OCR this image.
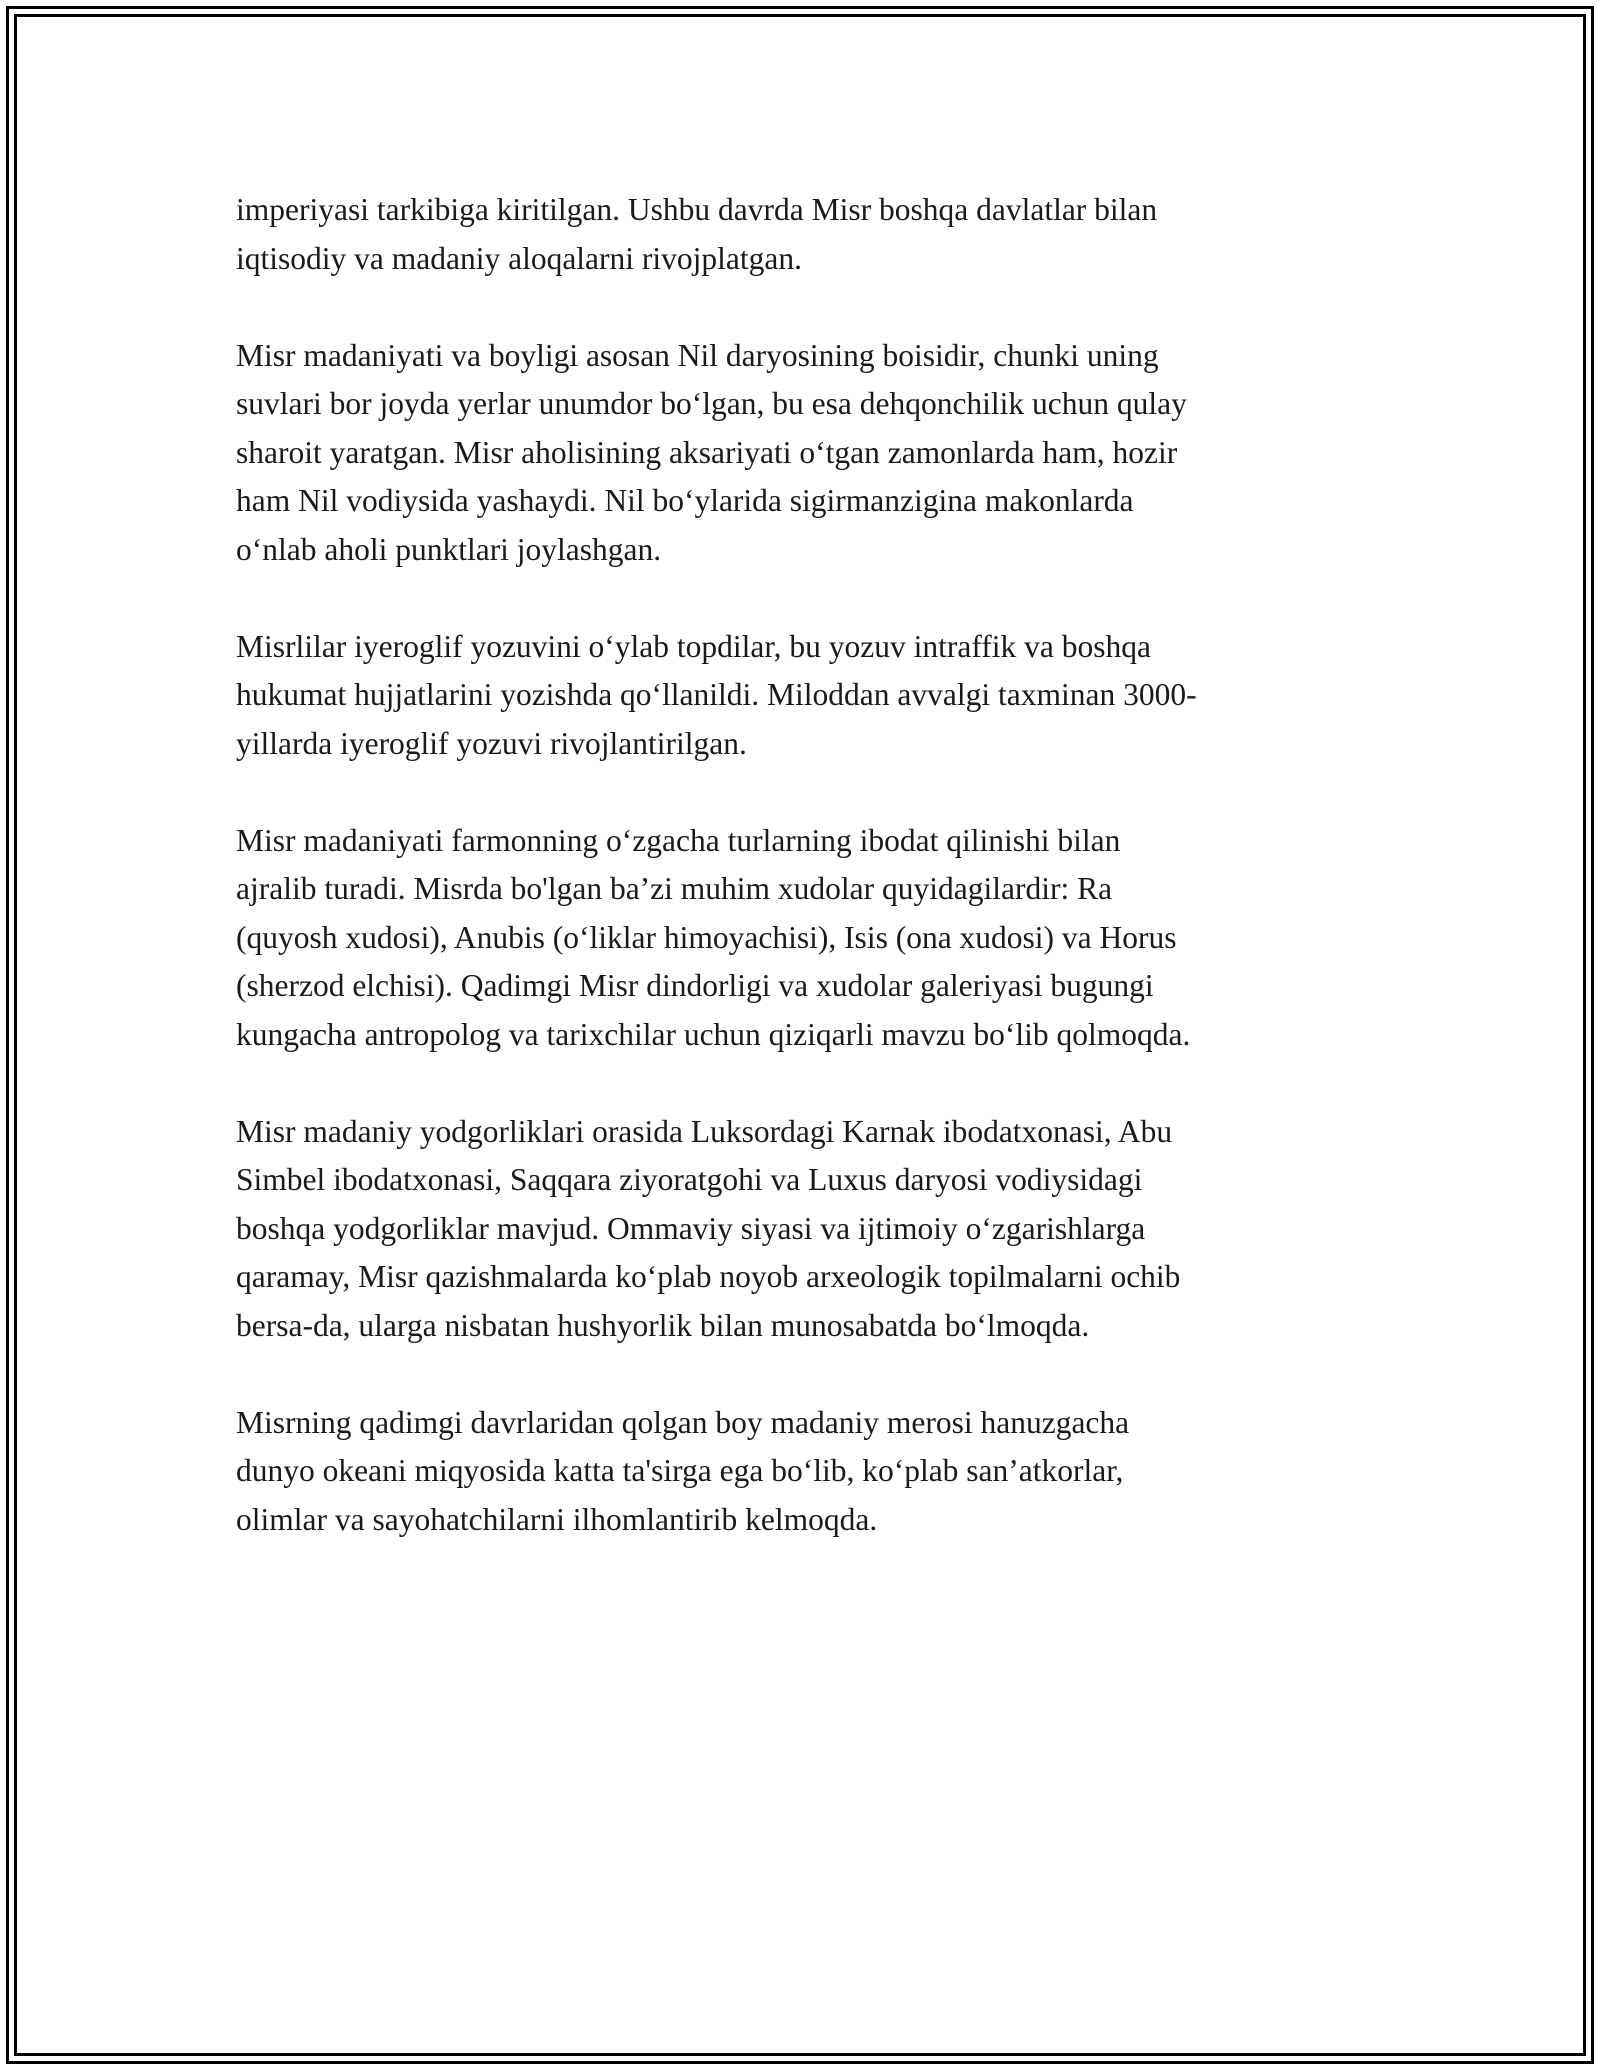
imperiyasi tarkibiga kiritilgan. Ushbu davrda Misr boshqa davlatlar bilan
iqtisodiy va madaniy aloqalarni rivojplatgan.

Misr madaniyati va boyligi asosan Nil daryosining boisidir, chunki uning
suvlari bor joyda yerlar unumdor bo‘lgan, bu esa dehqonchilik uchun qulay
sharoit yaratgan. Misr aholisining aksariyati o‘tgan zamonlarda ham, hozir
ham Nil vodiysida yashaydi. Nil bo‘ylarida sigirmanzigina makonlarda
o‘nlab aholi punktlari joylashgan.

Misrlilar iyeroglif yozuvini o‘ylab topdilar, bu yozuv intraffik va boshqa
hukumat hujjatlarini yozishda qo‘llanildi. Miloddan avvalgi taxminan 3000-
yillarda iyeroglif yozuvi rivojlantirilgan.

Misr madaniyati farmonning o‘zgacha turlarning ibodat qilinishi bilan
ajralib turadi. Misrda bo'lgan ba’zi muhim xudolar quyidagilardir: Ra
(quyosh xudosi), Anubis (o‘liklar himoyachisi), Isis (ona xudosi) va Horus
(sherzod elchisi). Qadimgi Misr dindorligi va xudolar galeriyasi bugungi
kungacha antropolog va tarixchilar uchun qiziqarli mavzu bo‘lib qolmoqda.

Misr madaniy yodgorliklari orasida Luksordagi Karnak ibodatxonasi, Abu
Simbel ibodatxonasi, Saqqara ziyoratgohi va Luxus daryosi vodiysidagi
boshqa yodgorliklar mavjud. Ommaviy siyasi va ijtimoiy o‘zgarishlarga
qaramay, Misr qazishmalarda ko‘plab noyob arxeologik topilmalarni ochib
bersa-da, ularga nisbatan hushyorlik bilan munosabatda bo‘lmoqda.

Misrning qadimgi davrlaridan qolgan boy madaniy merosi hanuzgacha
dunyo okeani miqyosida katta ta'sirga ega bo‘lib, ko‘plab san’atkorlar,
olimlar va sayohatchilarni ilhomlantirib kelmoqda.
